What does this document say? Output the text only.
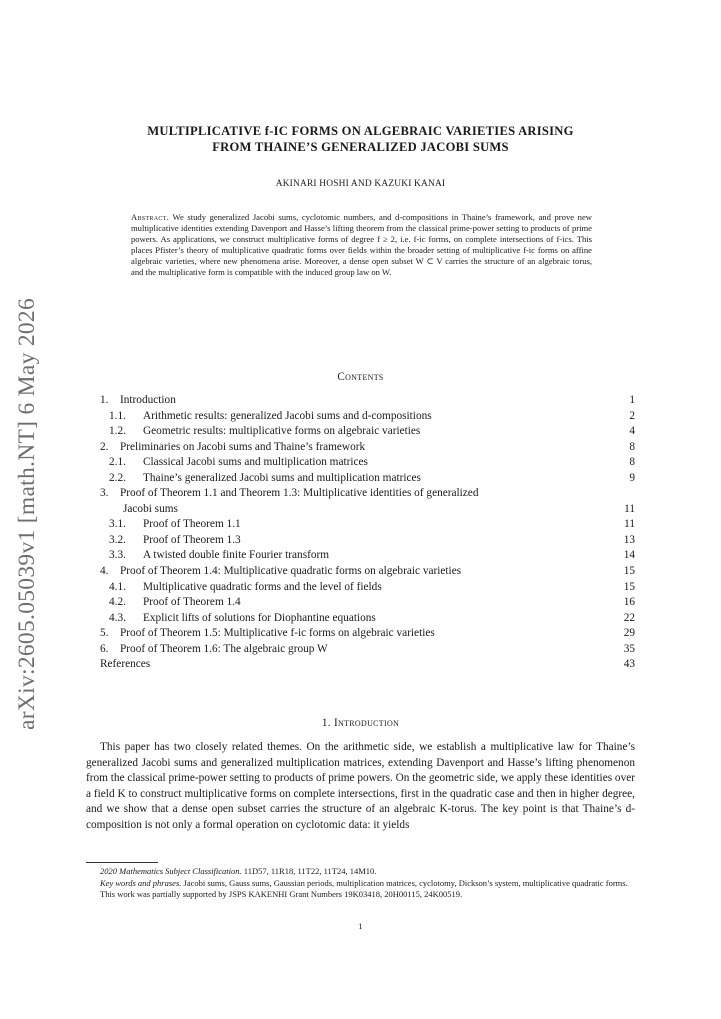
arXiv:2605.05039v1 [math.NT] 6 May 2026
MULTIPLICATIVE f-IC FORMS ON ALGEBRAIC VARIETIES ARISING
FROM THAINE’S GENERALIZED JACOBI SUMS
AKINARI HOSHI AND KAZUKI KANAI
Abstract. We study generalized Jacobi sums, cyclotomic numbers, and d-compositions in Thaine’s framework, and prove new multiplicative identities extending Davenport and Hasse’s lifting theorem from the classical prime-power setting to products of prime powers. As applications, we construct multiplicative forms of degree f ≥ 2, i.e. f-ic forms, on complete intersections of f-ics. This places Pfister’s theory of multiplicative quadratic forms over fields within the broader setting of multiplicative f-ic forms on affine algebraic varieties, where new phenomena arise. Moreover, a dense open subset W ⊂ V carries the structure of an algebraic torus, and the multiplicative form is compatible with the induced group law on W.
Contents
1. Introduction	1
1.1. Arithmetic results: generalized Jacobi sums and d-compositions	2
1.2. Geometric results: multiplicative forms on algebraic varieties	4
2. Preliminaries on Jacobi sums and Thaine’s framework	8
2.1. Classical Jacobi sums and multiplication matrices	8
2.2. Thaine’s generalized Jacobi sums and multiplication matrices	9
3. Proof of Theorem 1.1 and Theorem 1.3: Multiplicative identities of generalized
Jacobi sums	11
3.1. Proof of Theorem 1.1	11
3.2. Proof of Theorem 1.3	13
3.3. A twisted double finite Fourier transform	14
4. Proof of Theorem 1.4: Multiplicative quadratic forms on algebraic varieties	15
4.1. Multiplicative quadratic forms and the level of fields	15
4.2. Proof of Theorem 1.4	16
4.3. Explicit lifts of solutions for Diophantine equations	22
5. Proof of Theorem 1.5: Multiplicative f-ic forms on algebraic varieties	29
6. Proof of Theorem 1.6: The algebraic group W	35
References	43
1. Introduction

This paper has two closely related themes. On the arithmetic side, we establish a multiplicative law for Thaine’s generalized Jacobi sums and generalized multiplication matrices, extending Davenport and Hasse’s lifting phenomenon from the classical prime-power setting to products of prime powers. On the geometric side, we apply these identities over a field K to construct multiplicative forms on complete intersections, first in the quadratic case and then in higher degree, and we show that a dense open subset carries the structure of an algebraic K-torus. The key point is that Thaine’s d-composition is not only a formal operation on cyclotomic data: it yields

2020 Mathematics Subject Classification. 11D57, 11R18, 11T22, 11T24, 14M10.

Key words and phrases. Jacobi sums, Gauss sums, Gaussian periods, multiplication matrices, cyclotomy, Dickson’s system, multiplicative quadratic forms.

This work was partially supported by JSPS KAKENHI Grant Numbers 19K03418, 20H00115, 24K00519.

1
